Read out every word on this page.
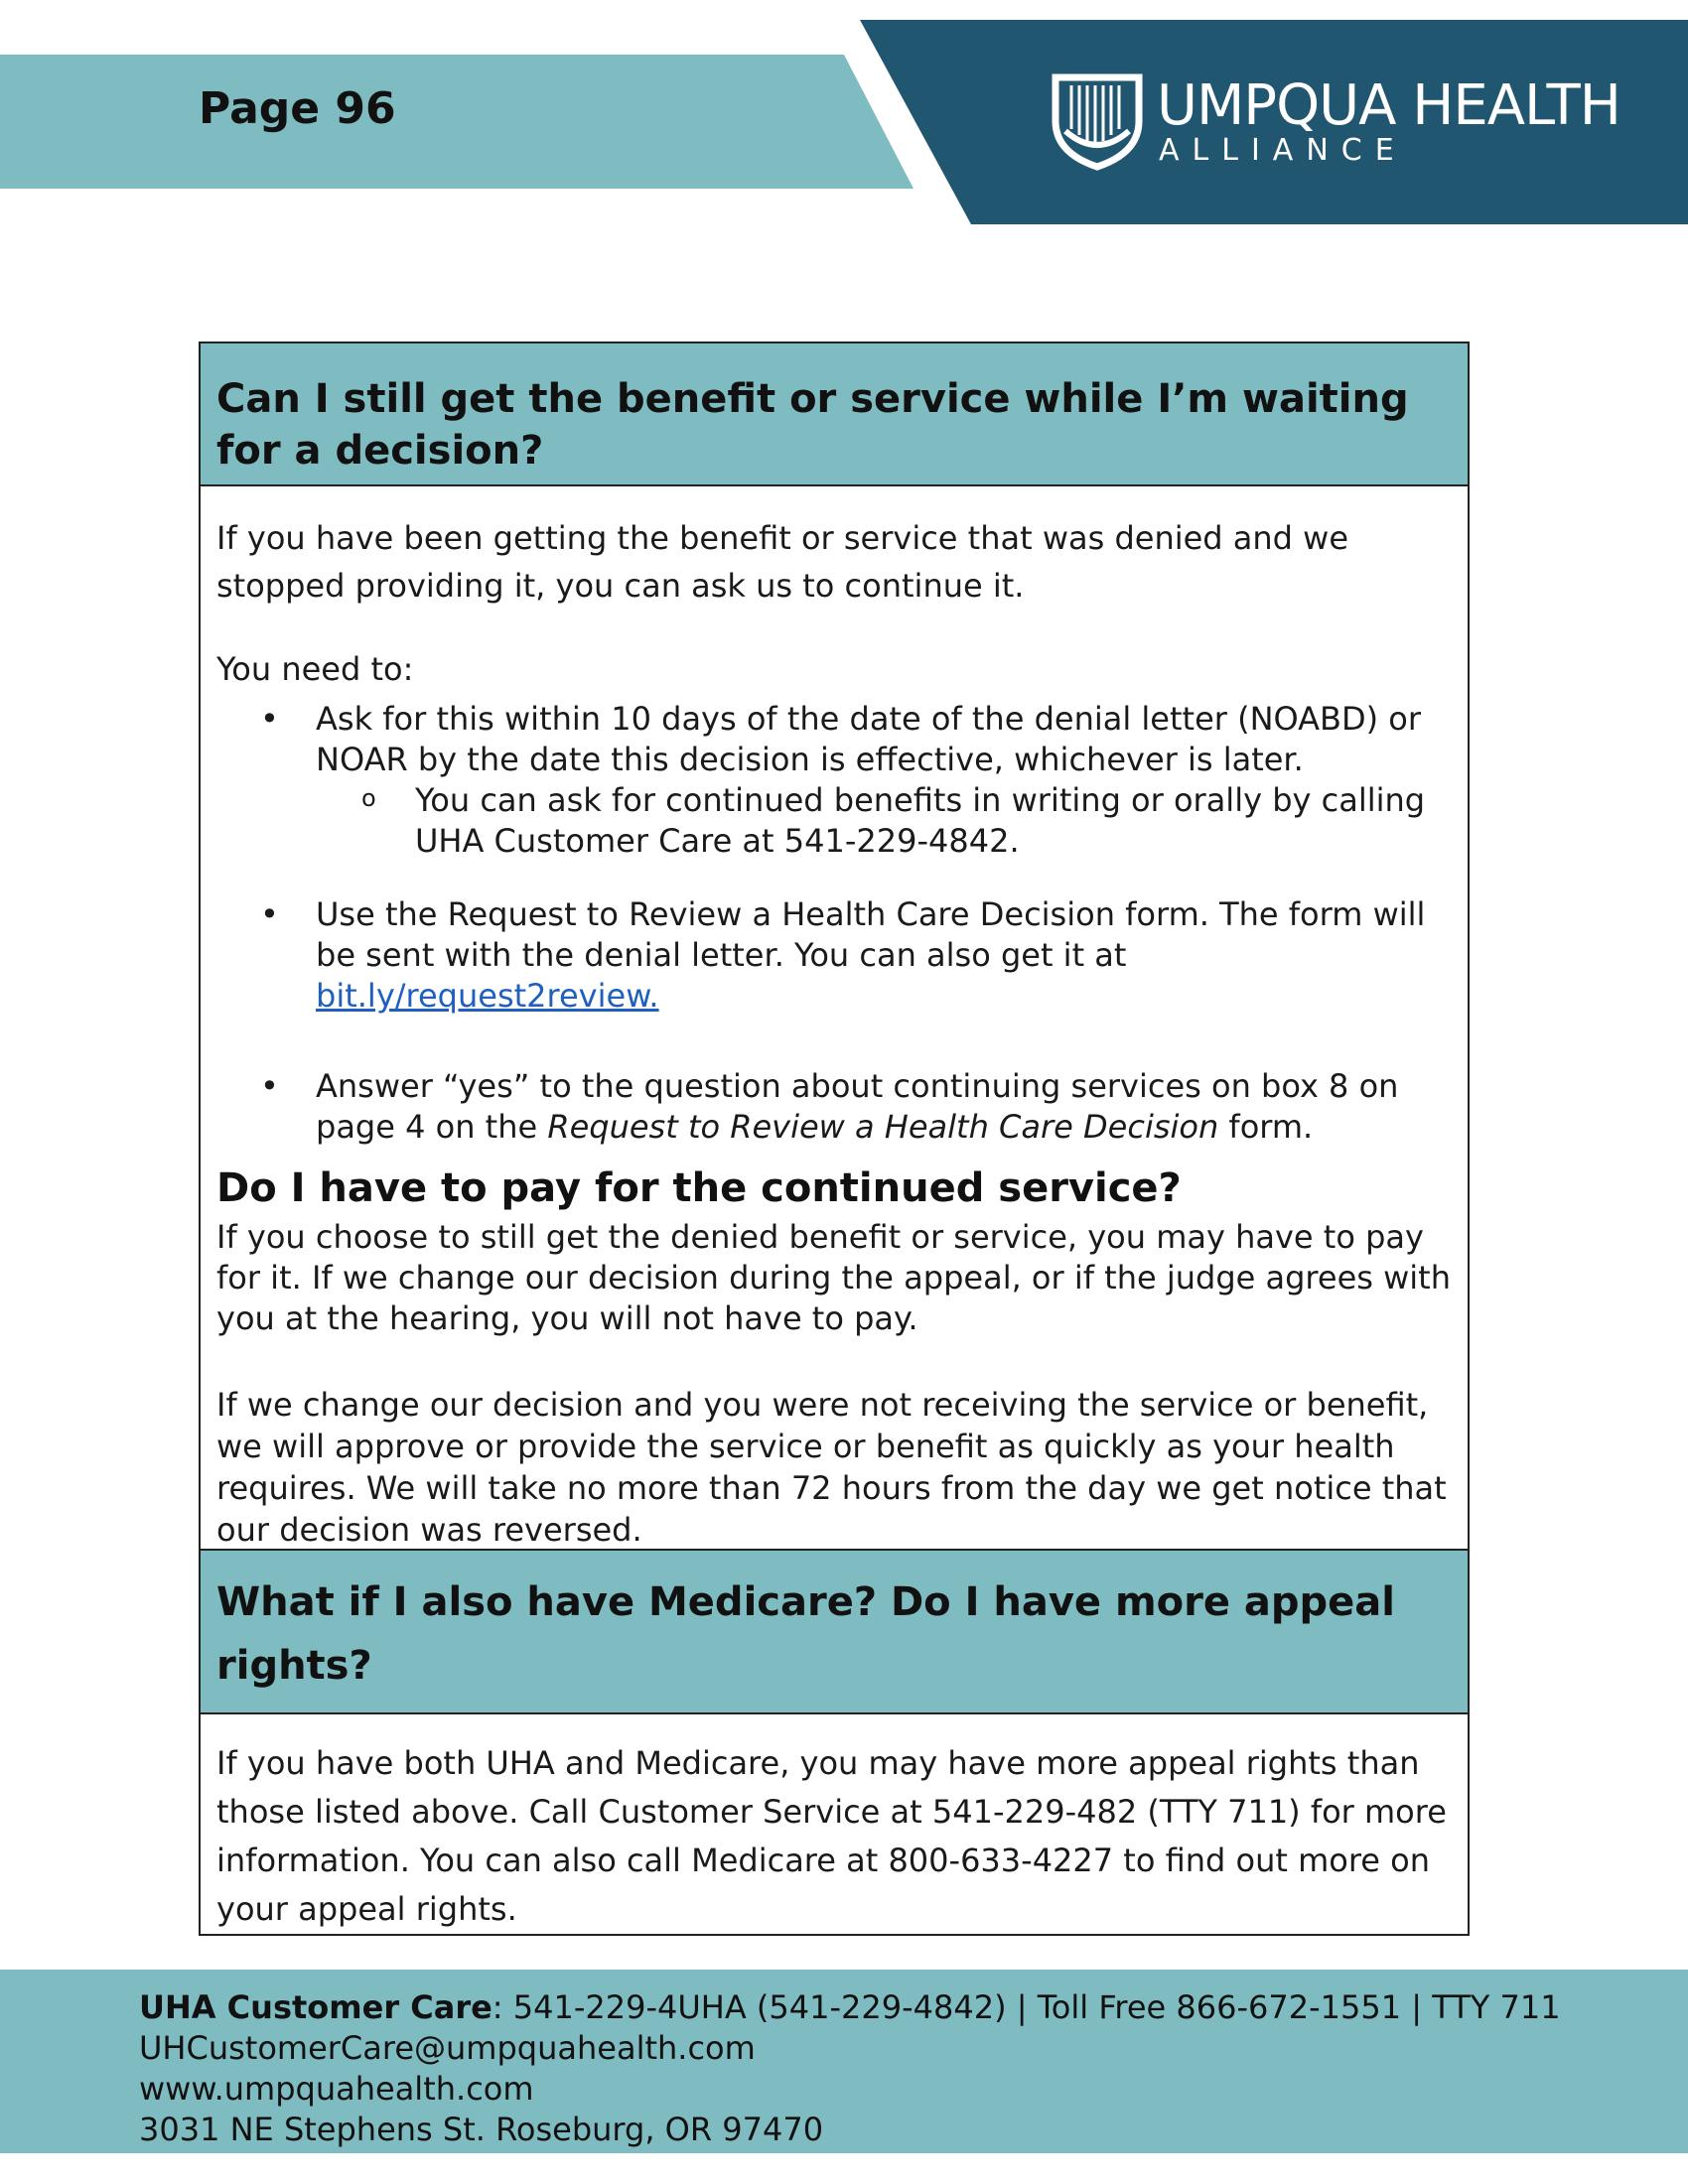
Page 96	UMPQUA HEALTH
ALLIANCE
Can I still get the benefit or service while I’m waiting for a decision?
If you have been getting the benefit or service that was denied and we stopped providing it, you can ask us to continue it.
You need to:
• Ask for this within 10 days of the date of the denial letter (NOABD) or NOAR by the date this decision is effective, whichever is later.
o You can ask for continued benefits in writing or orally by calling UHA Customer Care at 541-229-4842.
• Use the Request to Review a Health Care Decision form. The form will be sent with the denial letter. You can also get it at
bit.ly/request2review.
• Answer “yes” to the question about continuing services on box 8 on page 4 on the Request to Review a Health Care Decision form.
Do I have to pay for the continued service?
If you choose to still get the denied benefit or service, you may have to pay for it. If we change our decision during the appeal, or if the judge agrees with you at the hearing, you will not have to pay.
If we change our decision and you were not receiving the service or benefit, we will approve or provide the service or benefit as quickly as your health requires. We will take no more than 72 hours from the day we get notice that our decision was reversed.
What if I also have Medicare? Do I have more appeal rights?
If you have both UHA and Medicare, you may have more appeal rights than those listed above. Call Customer Service at 541-229-482 (TTY 711) for more information. You can also call Medicare at 800-633-4227 to find out more on your appeal rights.
UHA Customer Care: 541-229-4UHA (541-229-4842) | Toll Free 866-672-1551 | TTY 711
UHCustomerCare@umpquahealth.com
www.umpquahealth.com
3031 NE Stephens St. Roseburg, OR 97470
